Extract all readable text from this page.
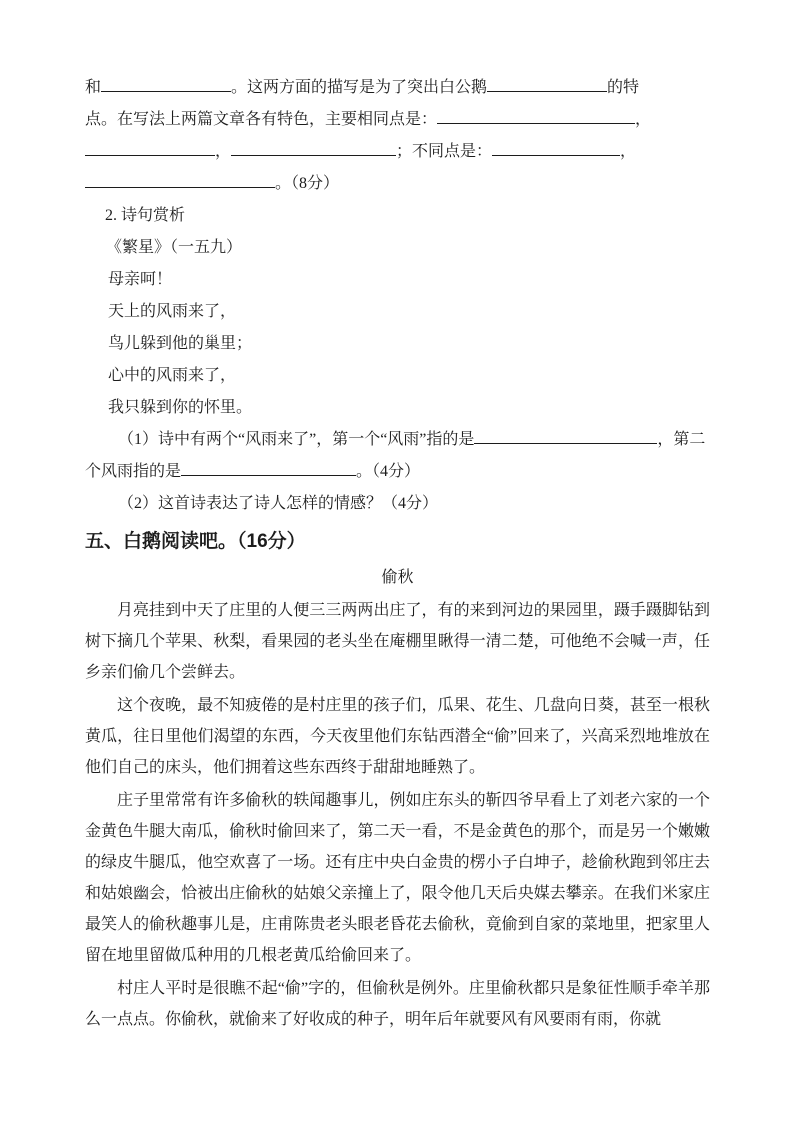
和	。这两方面的描写是为了突出白公鹅	的特
点。在写法上两篇文章各有特色，主要相同点是：	，
，	；不同点是：	，
。（8分）
2. 诗句赏析
《繁星》（一五九）
母亲呵！
天上的风雨来了，
鸟儿躲到他的巢里；
心中的风雨来了，
我只躲到你的怀里。
（1）诗中有两个“风雨来了”，第一个“风雨”指的是	，第二
个风雨指的是	。（4分）
（2）这首诗表达了诗人怎样的情感？（4分）
五、白鹅阅读吧。（16分）
偷秋

月亮挂到中天了庄里的人便三三两两出庄了，有的来到河边的果园里，蹑手蹑脚钻到树下摘几个苹果、秋梨，看果园的老头坐在庵棚里瞅得一清二楚，可他绝不会喊一声，任乡亲们偷几个尝鲜去。

这个夜晚，最不知疲倦的是村庄里的孩子们，瓜果、花生、几盘向日葵，甚至一根秋黄瓜，往日里他们渴望的东西，今天夜里他们东钻西潜全“偷”回来了，兴高采烈地堆放在他们自己的床头，他们拥着这些东西终于甜甜地睡熟了。

庄子里常常有许多偷秋的轶闻趣事儿，例如庄东头的靳四爷早看上了刘老六家的一个金黄色牛腿大南瓜，偷秋时偷回来了，第二天一看，不是金黄色的那个，而是另一个嫩嫩的绿皮牛腿瓜，他空欢喜了一场。还有庄中央白金贵的楞小子白坤子，趁偷秋跑到邻庄去和姑娘幽会，恰被出庄偷秋的姑娘父亲撞上了，限令他几天后央媒去攀亲。在我们米家庄最笑人的偷秋趣事儿是，庄甫陈贵老头眼老昏花去偷秋，竟偷到自家的菜地里，把家里人留在地里留做瓜种用的几根老黄瓜给偷回来了。

村庄人平时是很瞧不起“偷”字的，但偷秋是例外。庄里偷秋都只是象征性顺手牵羊那么一点点。你偷秋，就偷来了好收成的种子，明年后年就要风有风要雨有雨，你就
